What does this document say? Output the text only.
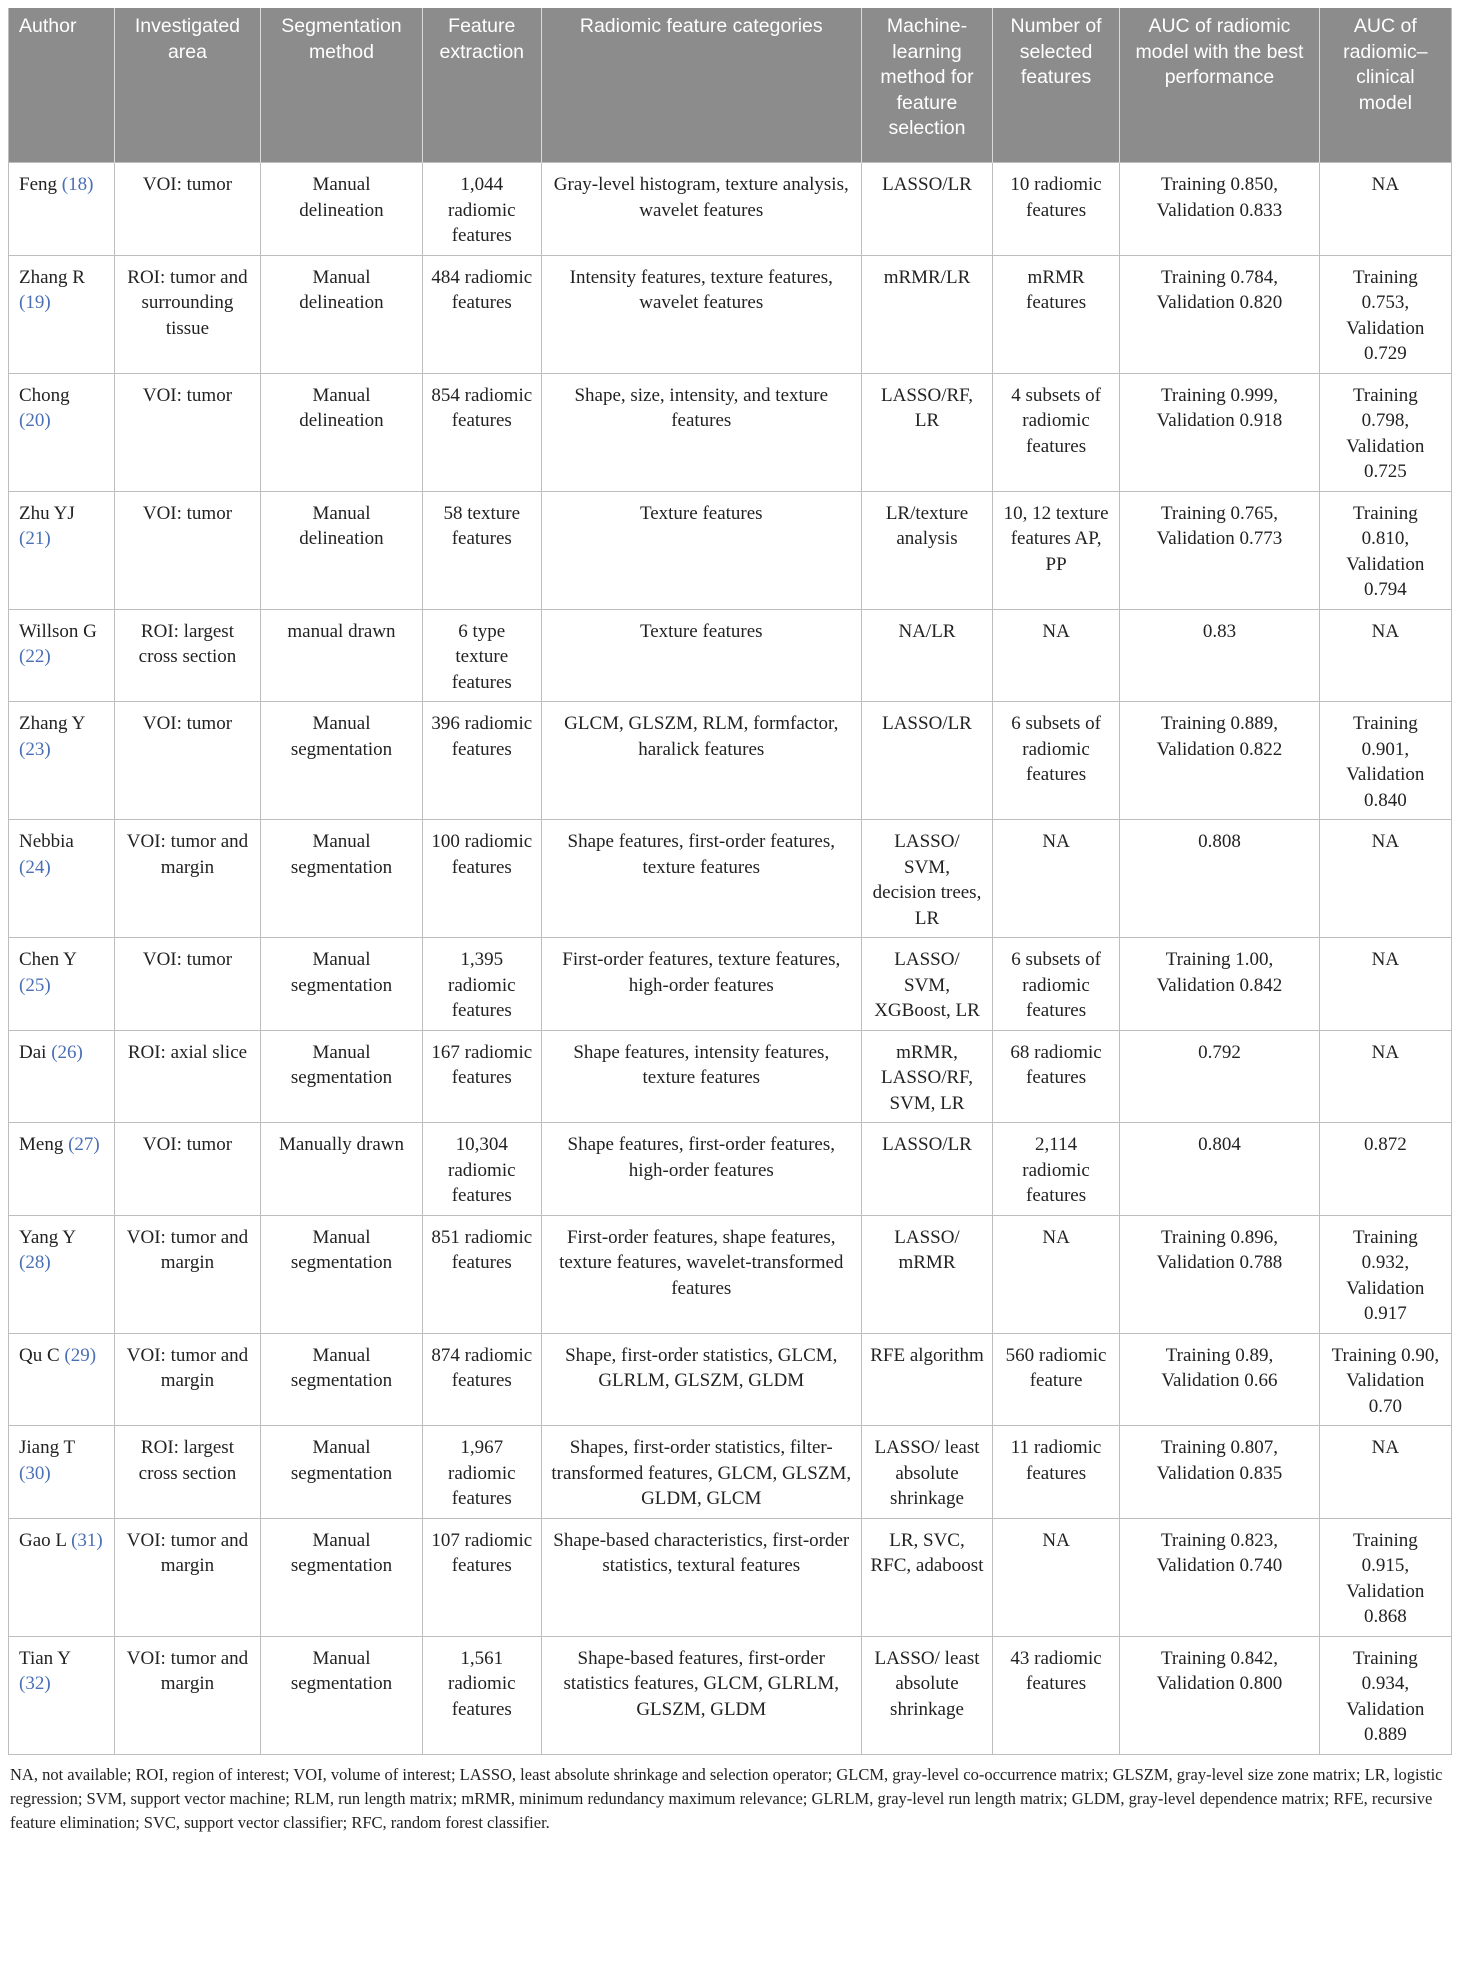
Author	Investigated area	Segmentation method	Feature extraction	Radiomic feature categories	Machine-learning method for feature selection	Number of selected features	AUC of radiomic model with the best performance	AUC of radiomic–clinical model
Feng (18)	VOI: tumor	Manual delineation	1,044 radiomic features	Gray-level histogram, texture analysis, wavelet features	LASSO/LR	10 radiomic features	Training 0.850, Validation 0.833	NA
Zhang R (19)	ROI: tumor and surrounding tissue	Manual delineation	484 radiomic features	Intensity features, texture features, wavelet features	mRMR/LR	mRMR features	Training 0.784, Validation 0.820	Training 0.753, Validation 0.729
Chong (20)	VOI: tumor	Manual delineation	854 radiomic features	Shape, size, intensity, and texture features	LASSO/RF, LR	4 subsets of radiomic features	Training 0.999, Validation 0.918	Training 0.798, Validation 0.725
Zhu YJ (21)	VOI: tumor	Manual delineation	58 texture features	Texture features	LR/texture analysis	10, 12 texture features AP, PP	Training 0.765, Validation 0.773	Training 0.810, Validation 0.794
Willson G (22)	ROI: largest cross section	manual drawn	6 type texture features	Texture features	NA/LR	NA	0.83	NA
Zhang Y (23)	VOI: tumor	Manual segmentation	396 radiomic features	GLCM, GLSZM, RLM, formfactor, haralick features	LASSO/LR	6 subsets of radiomic features	Training 0.889, Validation 0.822	Training 0.901, Validation 0.840
Nebbia (24)	VOI: tumor and margin	Manual segmentation	100 radiomic features	Shape features, first-order features, texture features	LASSO/ SVM, decision trees, LR	NA	0.808	NA
Chen Y (25)	VOI: tumor	Manual segmentation	1,395 radiomic features	First-order features, texture features, high-order features	LASSO/ SVM, XGBoost, LR	6 subsets of radiomic features	Training 1.00, Validation 0.842	NA
Dai (26)	ROI: axial slice	Manual segmentation	167 radiomic features	Shape features, intensity features, texture features	mRMR, LASSO/RF, SVM, LR	68 radiomic features	0.792	NA
Meng (27)	VOI: tumor	Manually drawn	10,304 radiomic features	Shape features, first-order features, high-order features	LASSO/LR	2,114 radiomic features	0.804	0.872
Yang Y (28)	VOI: tumor and margin	Manual segmentation	851 radiomic features	First-order features, shape features, texture features, wavelet-transformed features	LASSO/ mRMR	NA	Training 0.896, Validation 0.788	Training 0.932, Validation 0.917
Qu C (29)	VOI: tumor and margin	Manual segmentation	874 radiomic features	Shape, first-order statistics, GLCM, GLRLM, GLSZM, GLDM	RFE algorithm	560 radiomic feature	Training 0.89, Validation 0.66	Training 0.90, Validation 0.70
Jiang T (30)	ROI: largest cross section	Manual segmentation	1,967 radiomic features	Shapes, first-order statistics, filter-transformed features, GLCM, GLSZM, GLDM, GLCM	LASSO/ least absolute shrinkage	11 radiomic features	Training 0.807, Validation 0.835	NA
Gao L (31)	VOI: tumor and margin	Manual segmentation	107 radiomic features	Shape-based characteristics, first-order statistics, textural features	LR, SVC, RFC, adaboost	NA	Training 0.823, Validation 0.740	Training 0.915, Validation 0.868
Tian Y (32)	VOI: tumor and margin	Manual segmentation	1,561 radiomic features	Shape-based features, first-order statistics features, GLCM, GLRLM, GLSZM, GLDM	LASSO/ least absolute shrinkage	43 radiomic features	Training 0.842, Validation 0.800	Training 0.934, Validation 0.889
NA, not available; ROI, region of interest; VOI, volume of interest; LASSO, least absolute shrinkage and selection operator; GLCM, gray-level co-occurrence matrix; GLSZM, gray-level size zone matrix; LR, logistic regression; SVM, support vector machine; RLM, run length matrix; mRMR, minimum redundancy maximum relevance; GLRLM, gray-level run length matrix; GLDM, gray-level dependence matrix; RFE, recursive feature elimination; SVC, support vector classifier; RFC, random forest classifier.
